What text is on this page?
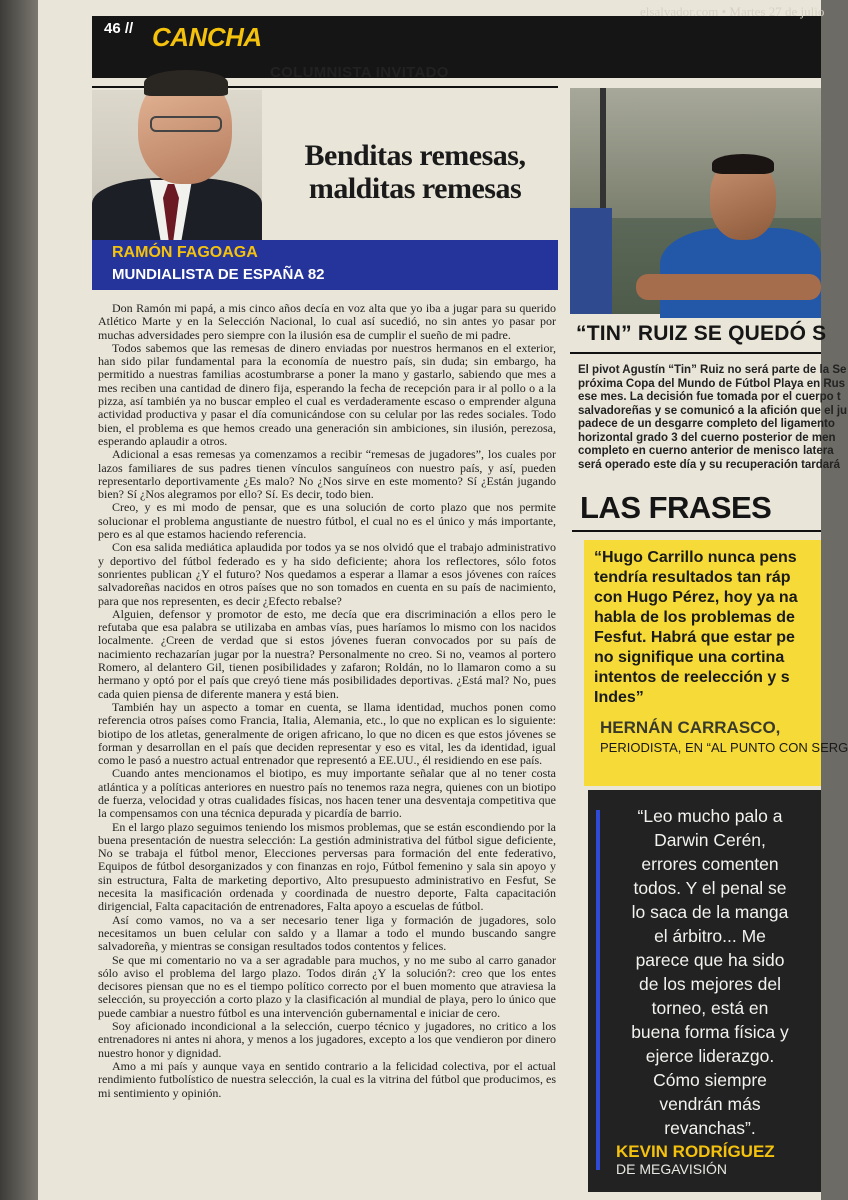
46 // CANCHA
elsalvador.com • Martes 27 de julio
COLUMNISTA INVITADO
Benditas remesas, malditas remesas
RAMÓN FAGOAGA
MUNDIALISTA DE ESPAÑA 82

Don Ramón mi papá, a mis cinco años decía en voz alta que yo iba a jugar para su querido Atlético Marte y en la Selección Nacional, lo cual así sucedió, no sin antes yo pasar por muchas adversidades pero siempre con la ilusión esa de cumplir el sueño de mi padre.

Todos sabemos que las remesas de dinero enviadas por nuestros hermanos en el exterior, han sido pilar fundamental para la economía de nuestro país, sin duda; sin embargo, ha permitido a nuestras familias acostumbrarse a poner la mano y gastarlo, sabiendo que mes a mes reciben una cantidad de dinero fija, esperando la fecha de recepción para ir al pollo o a la pizza, así también ya no buscar empleo el cual es verdaderamente escaso o emprender alguna actividad productiva y pasar el día comunicándose con su celular por las redes sociales. Todo bien, el problema es que hemos creado una generación sin ambiciones, sin ilusión, perezosa, esperando aplaudir a otros.

Adicional a esas remesas ya comenzamos a recibir “remesas de jugadores”, los cuales por lazos familiares de sus padres tienen vínculos sanguíneos con nuestro país, y así, pueden representarlo deportivamente ¿Es malo? No ¿Nos sirve en este momento? Sí ¿Están jugando bien? Sí ¿Nos alegramos por ello? Sí. Es decir, todo bien.

Creo, y es mi modo de pensar, que es una solución de corto plazo que nos permite solucionar el problema angustiante de nuestro fútbol, el cual no es el único y más importante, pero es al que estamos haciendo referencia.

Con esa salida mediática aplaudida por todos ya se nos olvidó que el trabajo administrativo y deportivo del fútbol federado es y ha sido deficiente; ahora los reflectores, sólo fotos sonrientes publican ¿Y el futuro? Nos quedamos a esperar a llamar a esos jóvenes con raíces salvadoreñas nacidos en otros países que no son tomados en cuenta en su país de nacimiento, para que nos representen, es decir ¿Efecto rebalse?

Alguien, defensor y promotor de esto, me decía que era discriminación a ellos pero le refutaba que esa palabra se utilizaba en ambas vías, pues haríamos lo mismo con los nacidos localmente. ¿Creen de verdad que si estos jóvenes fueran convocados por su país de nacimiento rechazarían jugar por la nuestra? Personalmente no creo. Si no, veamos al portero Romero, al delantero Gil, tienen posibilidades y zafaron; Roldán, no lo llamaron como a su hermano y optó por el país que creyó tiene más posibilidades deportivas. ¿Está mal? No, pues cada quien piensa de diferente manera y está bien.

También hay un aspecto a tomar en cuenta, se llama identidad, muchos ponen como referencia otros países como Francia, Italia, Alemania, etc., lo que no explican es lo siguiente: biotipo de los atletas, generalmente de origen africano, lo que no dicen es que estos jóvenes se forman y desarrollan en el país que deciden representar y eso es vital, les da identidad, igual como le pasó a nuestro actual entrenador que representó a EE.UU., él residiendo en ese país.

Cuando antes mencionamos el biotipo, es muy importante señalar que al no tener costa atlántica y a políticas anteriores en nuestro país no tenemos raza negra, quienes con un biotipo de fuerza, velocidad y otras cualidades físicas, nos hacen tener una desventaja competitiva que la compensamos con una técnica depurada y picardía de barrio.

En el largo plazo seguimos teniendo los mismos problemas, que se están escondiendo por la buena presentación de nuestra selección: La gestión administrativa del fútbol sigue deficiente, No se trabaja el fútbol menor, Elecciones perversas para formación del ente federativo, Equipos de fútbol desorganizados y con finanzas en rojo, Fútbol femenino y sala sin apoyo y sin estructura, Falta de marketing deportivo, Alto presupuesto administrativo en Fesfut, Se necesita la masificación ordenada y coordinada de nuestro deporte, Falta capacitación dirigencial, Falta capacitación de entrenadores, Falta apoyo a escuelas de fútbol.

Así como vamos, no va a ser necesario tener liga y formación de jugadores, solo necesitamos un buen celular con saldo y a llamar a todo el mundo buscando sangre salvadoreña, y mientras se consigan resultados todos contentos y felices.

Se que mi comentario no va a ser agradable para muchos, y no me subo al carro ganador sólo aviso el problema del largo plazo. Todos dirán ¿Y la solución?: creo que los entes decisores piensan que no es el tiempo político correcto por el buen momento que atraviesa la selección, su proyección a corto plazo y la clasificación al mundial de playa, pero lo único que puede cambiar a nuestro fútbol es una intervención gubernamental e iniciar de cero.

Soy aficionado incondicional a la selección, cuerpo técnico y jugadores, no critico a los entrenadores ni antes ni ahora, y menos a los jugadores, excepto a los que vendieron por dinero nuestro honor y dignidad.

Amo a mi país y aunque vaya en sentido contrario a la felicidad colectiva, por el actual rendimiento futbolístico de nuestra selección, la cual es la vitrina del fútbol que producimos, es mi sentimiento y opinión.

“TIN” RUIZ SE QUEDÓ S
El pivot Agustín “Tin” Ruiz no será parte de la Se
próxima Copa del Mundo de Fútbol Playa en Rus
ese mes. La decisión fue tomada por el cuerpo t
salvadoreñas y se comunicó a la afición que el ju
padece de un desgarre completo del ligamento
horizontal grado 3 del cuerno posterior de men
completo en cuerno anterior de menisco latera
será operado este día y su recuperación tardará
LAS FRASES
“Hugo Carrillo nunca pens
tendría resultados tan ráp
con Hugo Pérez, hoy ya na
habla de los problemas de
Fesfut. Habrá que estar pe
no signifique una cortina
intentos de reelección y s
Indes”
HERNÁN CARRASCO,
PERIODISTA, EN “AL PUNTO CON SERG
“Leo mucho palo a
Darwin Cerén,
errores comenten
todos. Y el penal se
lo saca de la manga
el árbitro... Me
parece que ha sido
de los mejores del
torneo, está en
buena forma física y
ejerce liderazgo.
Cómo siempre
vendrán más
revanchas”.
KEVIN RODRÍGUEZ
DE MEGAVISIÓN
